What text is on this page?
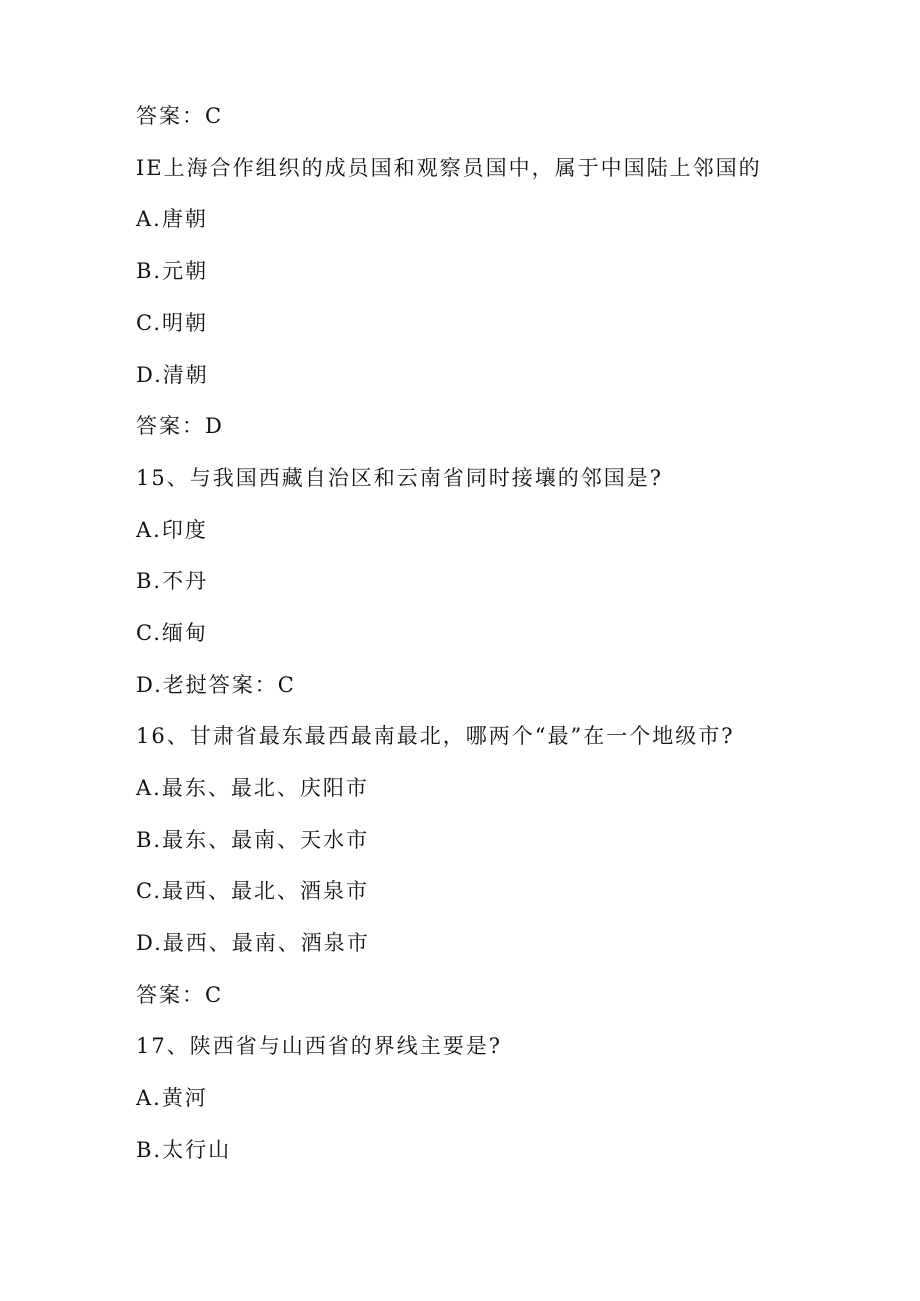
答案：C
IE上海合作组织的成员国和观察员国中，属于中国陆上邻国的
A.唐朝
B.元朝
C.明朝
D.清朝
答案：D
15、与我国西藏自治区和云南省同时接壤的邻国是?
A.印度
B.不丹
C.缅甸
D.老挝答案：C
16、甘肃省最东最西最南最北，哪两个“最”在一个地级市?
A.最东、最北、庆阳市
B.最东、最南、天水市
C.最西、最北、酒泉市
D.最西、最南、酒泉市
答案：C
17、陕西省与山西省的界线主要是?
A.黄河
B.太行山
